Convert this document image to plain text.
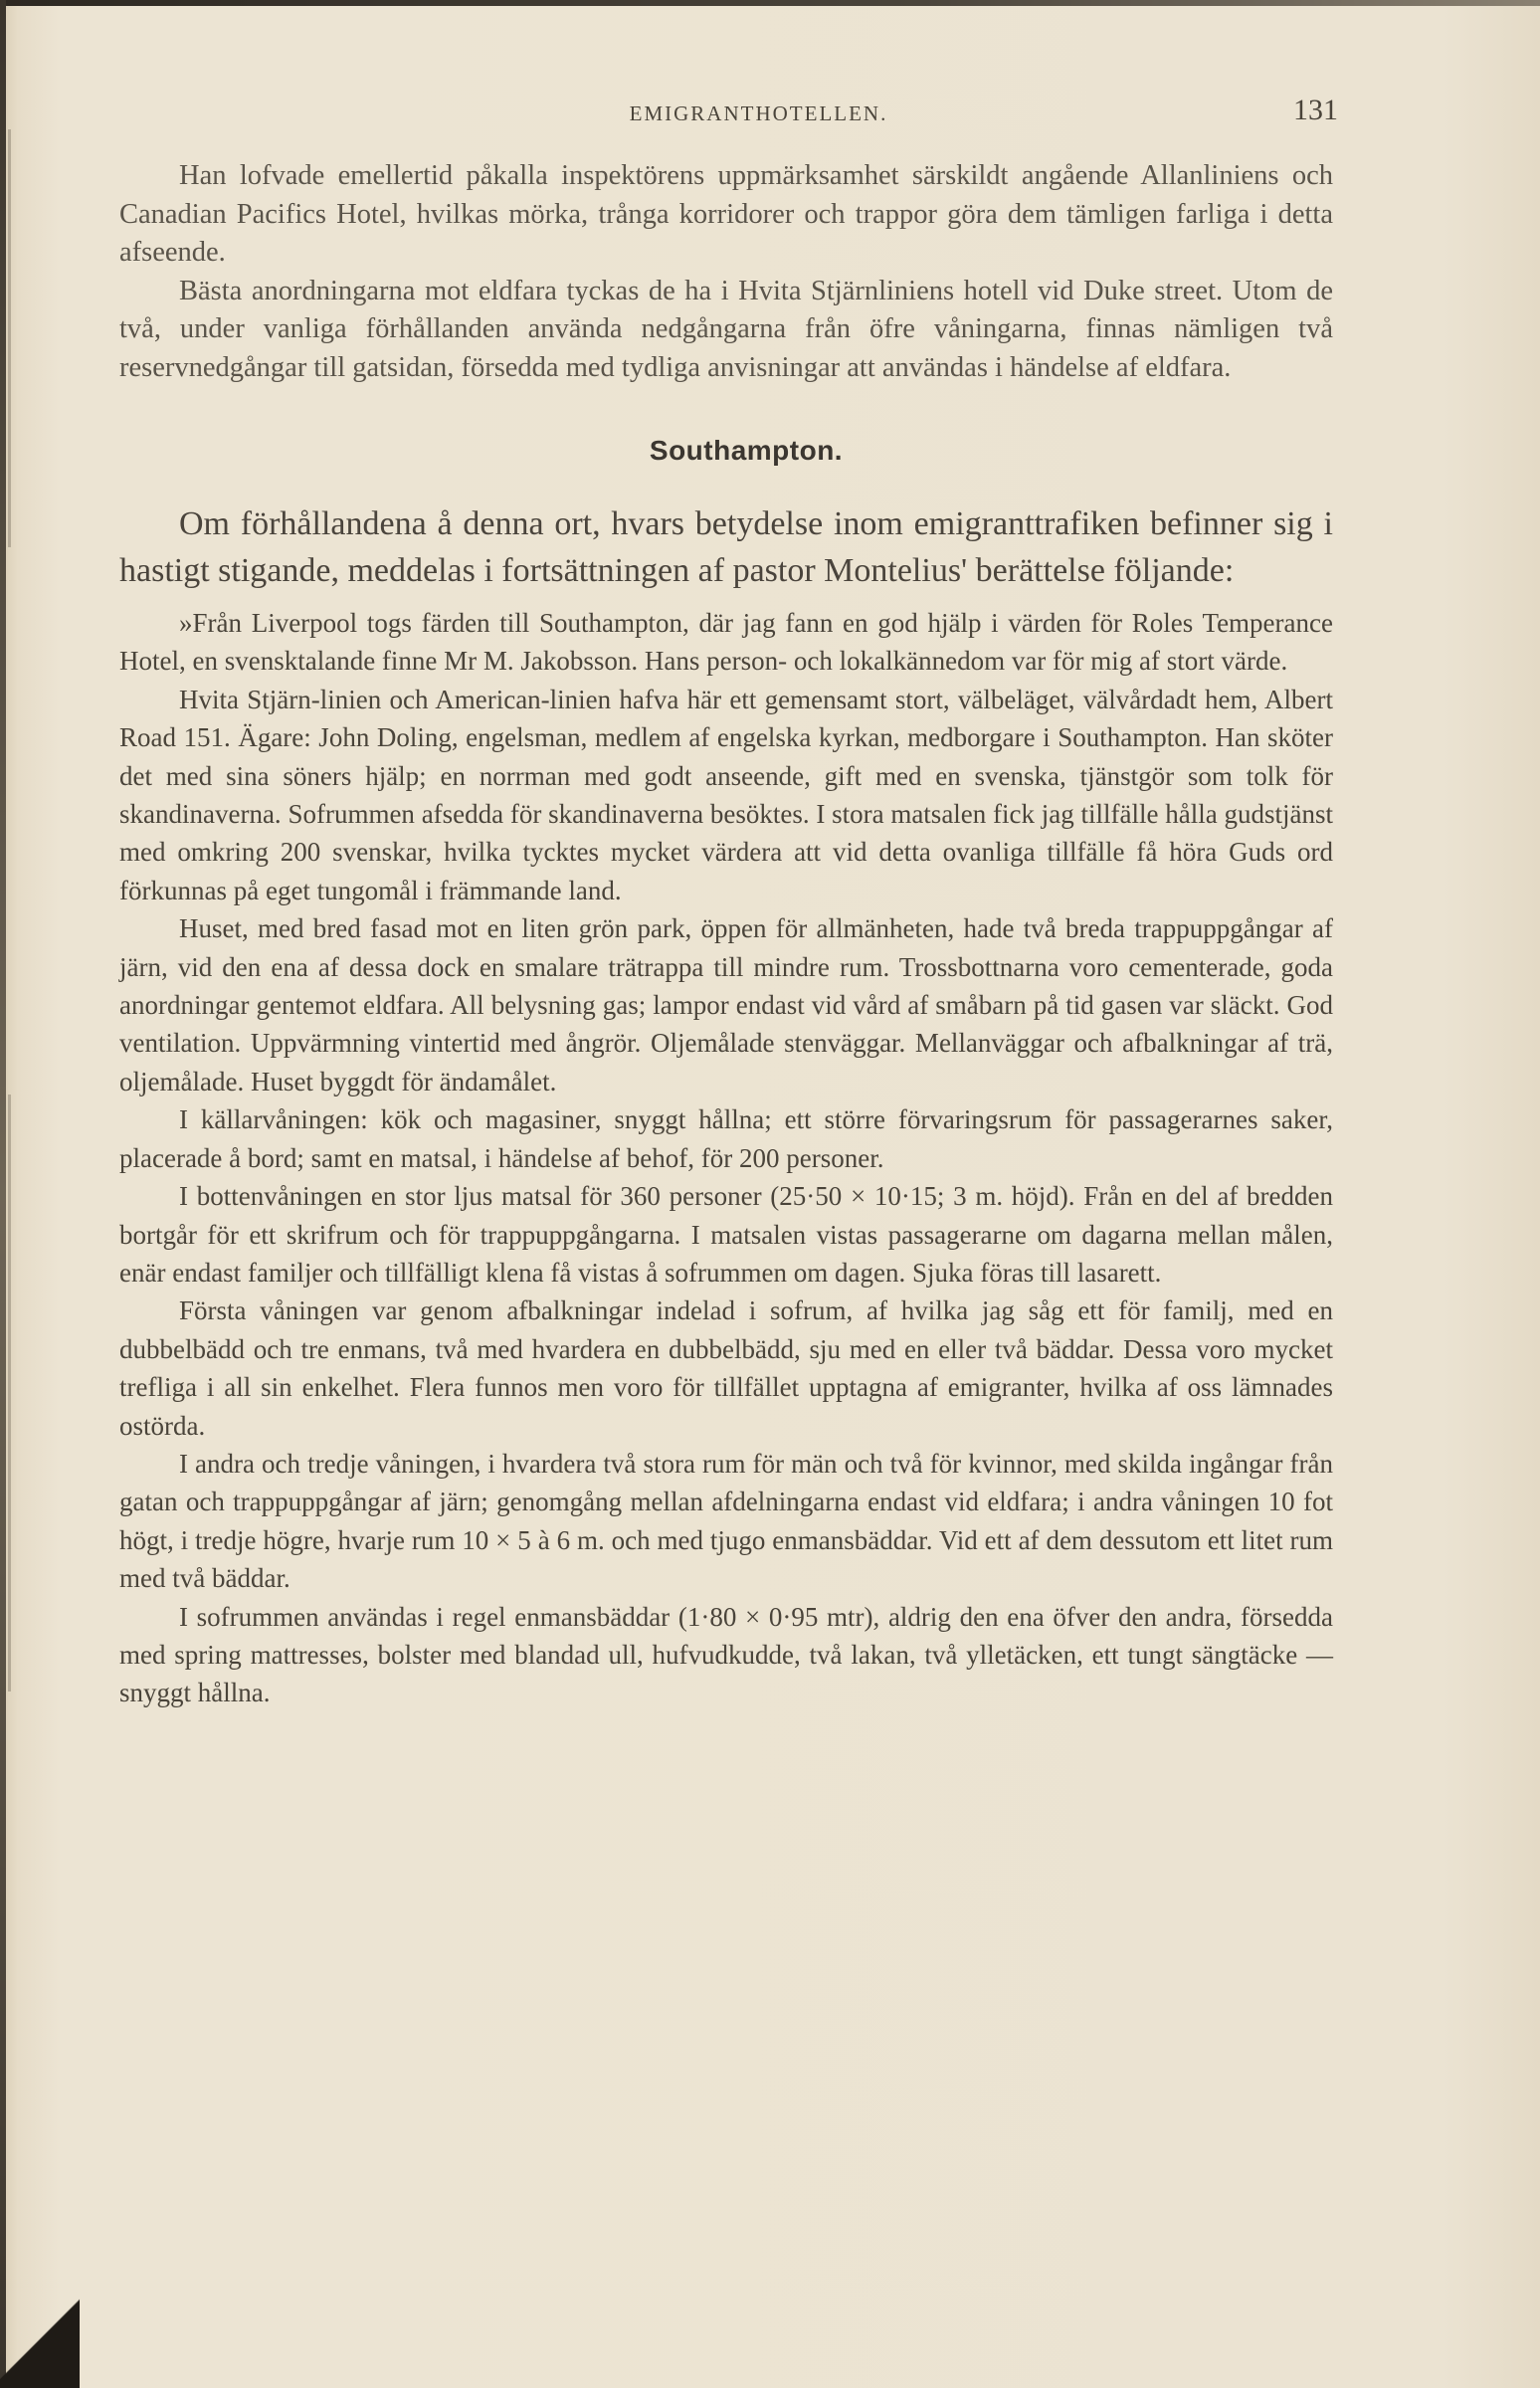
EMIGRANTHOTELLEN.	131

Han lofvade emellertid påkalla inspektörens uppmärksamhet särskildt angående Allanliniens och Canadian Pacifics Hotel, hvilkas mörka, trånga korridorer och trappor göra dem tämligen farliga i detta afseende.

Bästa anordningarna mot eldfara tyckas de ha i Hvita Stjärnliniens hotell vid Duke street. Utom de två, under vanliga förhållanden använda nedgångarna från öfre våningarna, finnas nämligen två reservnedgångar till gatsidan, försedda med tydliga anvisningar att användas i händelse af eldfara.

Southampton.

Om förhållandena å denna ort, hvars betydelse inom emigranttrafiken befinner sig i hastigt stigande, meddelas i fortsättningen af pastor Montelius' berättelse följande:

»Från Liverpool togs färden till Southampton, där jag fann en god hjälp i värden för Roles Temperance Hotel, en svensktalande finne Mr M. Jakobsson. Hans person- och lokalkännedom var för mig af stort värde.

Hvita Stjärn-linien och American-linien hafva här ett gemensamt stort, välbeläget, välvårdadt hem, Albert Road 151. Ägare: John Doling, engelsman, medlem af engelska kyrkan, medborgare i Southampton. Han sköter det med sina söners hjälp; en norrman med godt anseende, gift med en svenska, tjänstgör som tolk för skandinaverna. Sofrummen afsedda för skandinaverna besöktes. I stora matsalen fick jag tillfälle hålla gudstjänst med omkring 200 svenskar, hvilka tycktes mycket värdera att vid detta ovanliga tillfälle få höra Guds ord förkunnas på eget tungomål i främmande land.

Huset, med bred fasad mot en liten grön park, öppen för allmänheten, hade två breda trappuppgångar af järn, vid den ena af dessa dock en smalare trätrappa till mindre rum. Trossbottnarna voro cementerade, goda anordningar gentemot eldfara. All belysning gas; lampor endast vid vård af småbarn på tid gasen var släckt. God ventilation. Uppvärmning vintertid med ångrör. Oljemålade stenväggar. Mellanväggar och afbalkningar af trä, oljemålade. Huset byggdt för ändamålet.

I källarvåningen: kök och magasiner, snyggt hållna; ett större förvaringsrum för passagerarnes saker, placerade å bord; samt en matsal, i händelse af behof, för 200 personer.

I bottenvåningen en stor ljus matsal för 360 personer (25·50 × 10·15; 3 m. höjd). Från en del af bredden bortgår för ett skrifrum och för trappuppgångarna. I matsalen vistas passagerarne om dagarna mellan målen, enär endast familjer och tillfälligt klena få vistas å sofrummen om dagen. Sjuka föras till lasarett.

Första våningen var genom afbalkningar indelad i sofrum, af hvilka jag såg ett för familj, med en dubbelbädd och tre enmans, två med hvardera en dubbelbädd, sju med en eller två bäddar. Dessa voro mycket trefliga i all sin enkelhet. Flera funnos men voro för tillfället upptagna af emigranter, hvilka af oss lämnades ostörda.

I andra och tredje våningen, i hvardera två stora rum för män och två för kvinnor, med skilda ingångar från gatan och trappuppgångar af järn; genomgång mellan afdelningarna endast vid eldfara; i andra våningen 10 fot högt, i tredje högre, hvarje rum 10 × 5 à 6 m. och med tjugo enmansbäddar. Vid ett af dem dessutom ett litet rum med två bäddar.

I sofrummen användas i regel enmansbäddar (1·80 × 0·95 mtr), aldrig den ena öfver den andra, försedda med spring mattresses, bolster med blandad ull, hufvudkudde, två lakan, två ylletäcken, ett tungt sängtäcke — snyggt hållna.
